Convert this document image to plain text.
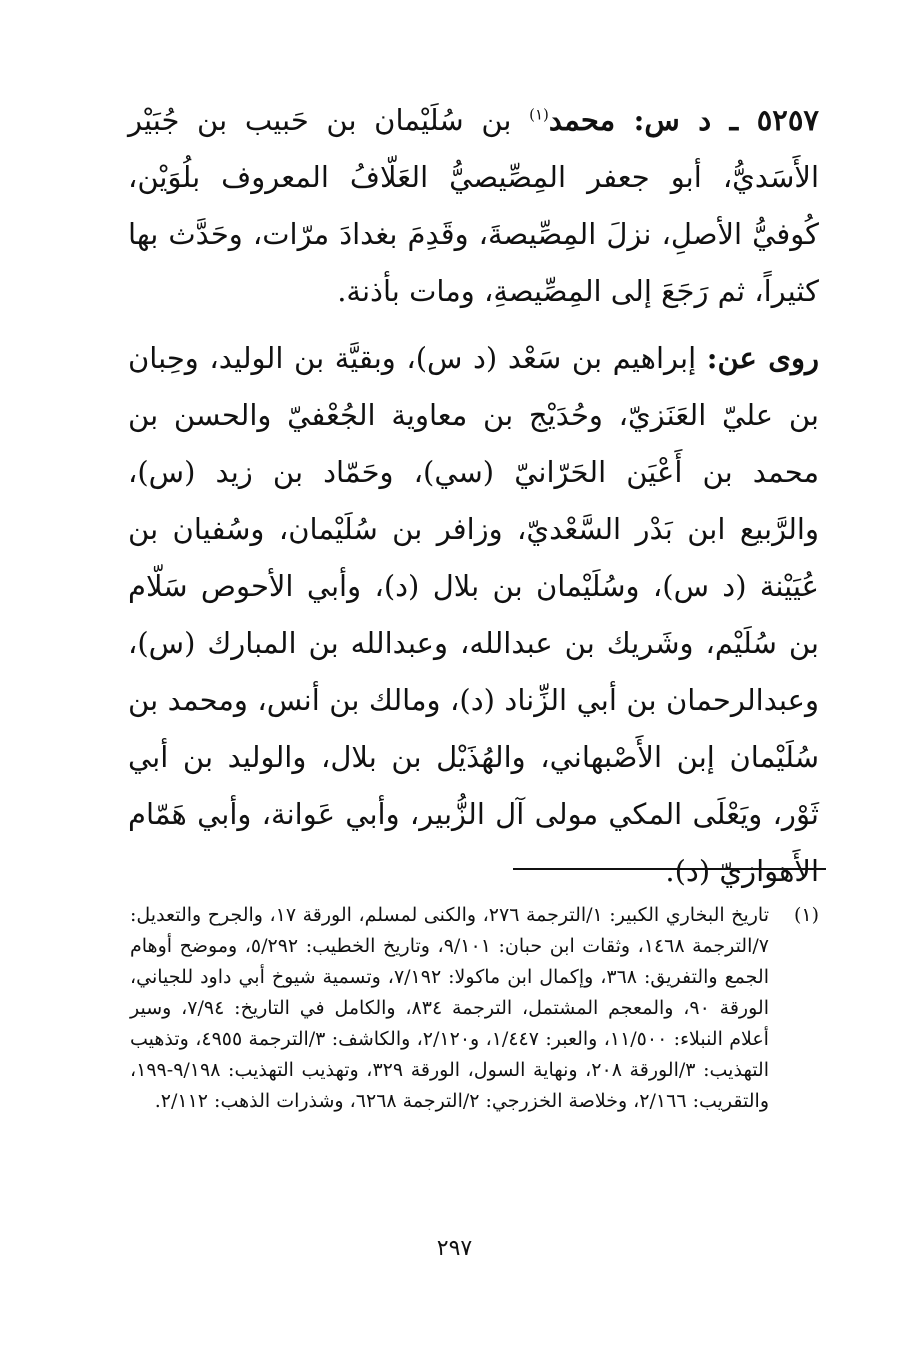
٥٢٥٧ ـ د س: محمد$^{(١)}$ بن سُلَيْمان بن حَبيب بن جُبَيْر الأَسَديُّ، أبو جعفر المِصِّيصيُّ العَلّافُ المعروف بلُوَيْن، كُوفيُّ الأصلِ، نزلَ المِصِّيصةَ، وقَدِمَ بغدادَ مرّات، وحَدَّث بها كثيراً، ثم رَجَعَ إلى المِصِّيصةِ، ومات بأذنة.

روى عن: إبراهيم بن سَعْد (د س)، وبقيَّة بن الوليد، وحِبان بن عليّ العَنَزيّ، وحُدَيْج بن معاوية الجُعْفيّ والحسن بن محمد بن أَعْيَن الحَرّانيّ (سي)، وحَمّاد بن زيد (س)، والرَّبيع ابن بَدْر السَّعْديّ، وزافر بن سُلَيْمان، وسُفيان بن عُيَيْنة (د س)، وسُلَيْمان بن بلال (د)، وأبي الأحوص سَلّام بن سُلَيْم، وشَريك بن عبدالله، وعبدالله بن المبارك (س)، وعبدالرحمان بن أبي الزِّناد (د)، ومالك بن أنس، ومحمد بن سُلَيْمان إبن الأَصْبهاني، والهُذَيْل بن بلال، والوليد بن أبي ثَوْر، ويَعْلَى المكي مولى آل الزُّبير، وأبي عَوانة، وأبي هَمّام الأَهوازيّ (د).

(١)

تاريخ البخاري الكبير: ١/الترجمة ٢٧٦، والكنى لمسلم، الورقة ١٧، والجرح والتعديل: ٧/الترجمة ١٤٦٨، وثقات ابن حبان: ٩/١٠١، وتاريخ الخطيب: ٥/٢٩٢، وموضح أوهام الجمع والتفريق: ٣٦٨، وإكمال ابن ماكولا: ٧/١٩٢، وتسمية شيوخ أبي داود للجياني، الورقة ٩٠، والمعجم المشتمل، الترجمة ٨٣٤، والكامل في التاريخ: ٧/٩٤، وسير أعلام النبلاء: ١١/٥٠٠، والعبر: ١/٤٤٧، و٢/١٢٠، والكاشف: ٣/الترجمة ٤٩٥٥، وتذهيب التهذيب: ٣/الورقة ٢٠٨، ونهاية السول، الورقة ٣٢٩، وتهذيب التهذيب: ٩/١٩٨-١٩٩، والتقريب: ٢/١٦٦، وخلاصة الخزرجي: ٢/الترجمة ٦٢٦٨، وشذرات الذهب: ٢/١١٢.

٢٩٧
